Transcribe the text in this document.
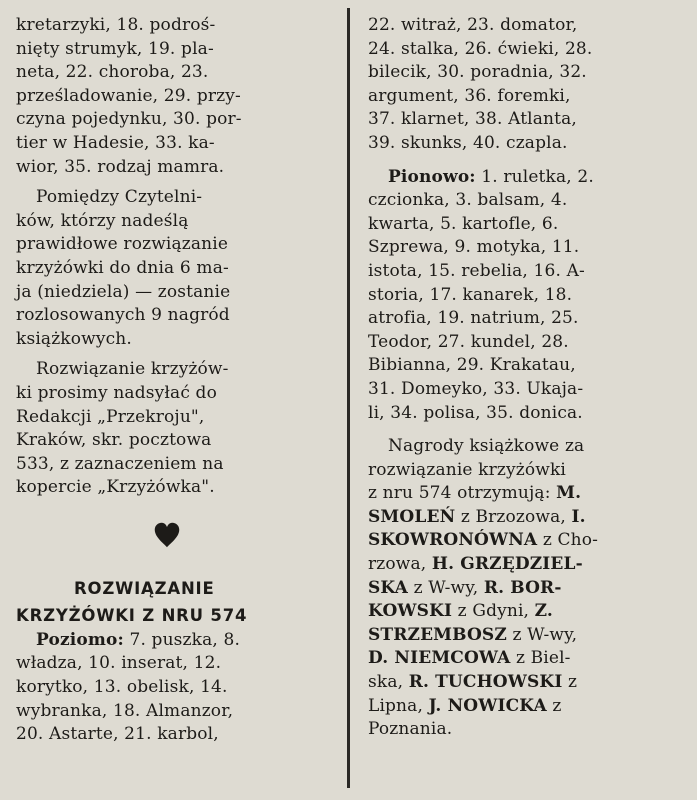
kretarzyki, 18. podroś-
nięty strumyk, 19. pla-
neta, 22. choroba, 23.
prześladowanie, 29. przy-
czyna pojedynku, 30. por-
tier w Hadesie, 33. ka-
wior, 35. rodzaj mamra.
Pomiędzy Czytelni-
ków, którzy nadeślą
prawidłowe rozwiązanie
krzyżówki do dnia 6 ma-
ja (niedziela) — zostanie
rozlosowanych 9 nagród
książkowych.
Rozwiązanie krzyżów-
ki prosimy nadsyłać do
Redakcji „Przekroju",
Kraków, skr. pocztowa
533, z zaznaczeniem na
kopercie „Krzyżówka".
ROZWIĄZANIE
KRZYŻÓWKI Z NRU 574
Poziomo: 7. puszka, 8.
władza, 10. inserat, 12.
korytko, 13. obelisk, 14.
wybranka, 18. Almanzor,
20. Astarte, 21. karbol,
22. witraż, 23. domator,
24. stalka, 26. ćwieki, 28.
bilecik, 30. poradnia, 32.
argument, 36. foremki,
37. klarnet, 38. Atlanta,
39. skunks, 40. czapla.
Pionowo: 1. ruletka, 2.
czcionka, 3. balsam, 4.
kwarta, 5. kartofle, 6.
Szprewa, 9. motyka, 11.
istota, 15. rebelia, 16. A-
storia, 17. kanarek, 18.
atrofia, 19. natrium, 25.
Teodor, 27. kundel, 28.
Bibianna, 29. Krakatau,
31. Domeyko, 33. Ukaja-
li, 34. polisa, 35. donica.
Nagrody książkowe za
rozwiązanie krzyżówki
z nru 574 otrzymują: M.
SMOLEŃ z Brzozowa, I.
SKOWRONÓWNA z Cho-
rzowa, H. GRZĘDZIEL-
SKA z W-wy, R. BOR-
KOWSKI z Gdyni, Z.
STRZEMBOSZ z W-wy,
D. NIEMCOWA z Biel-
ska, R. TUCHOWSKI z
Lipna, J. NOWICKA z
Poznania.
